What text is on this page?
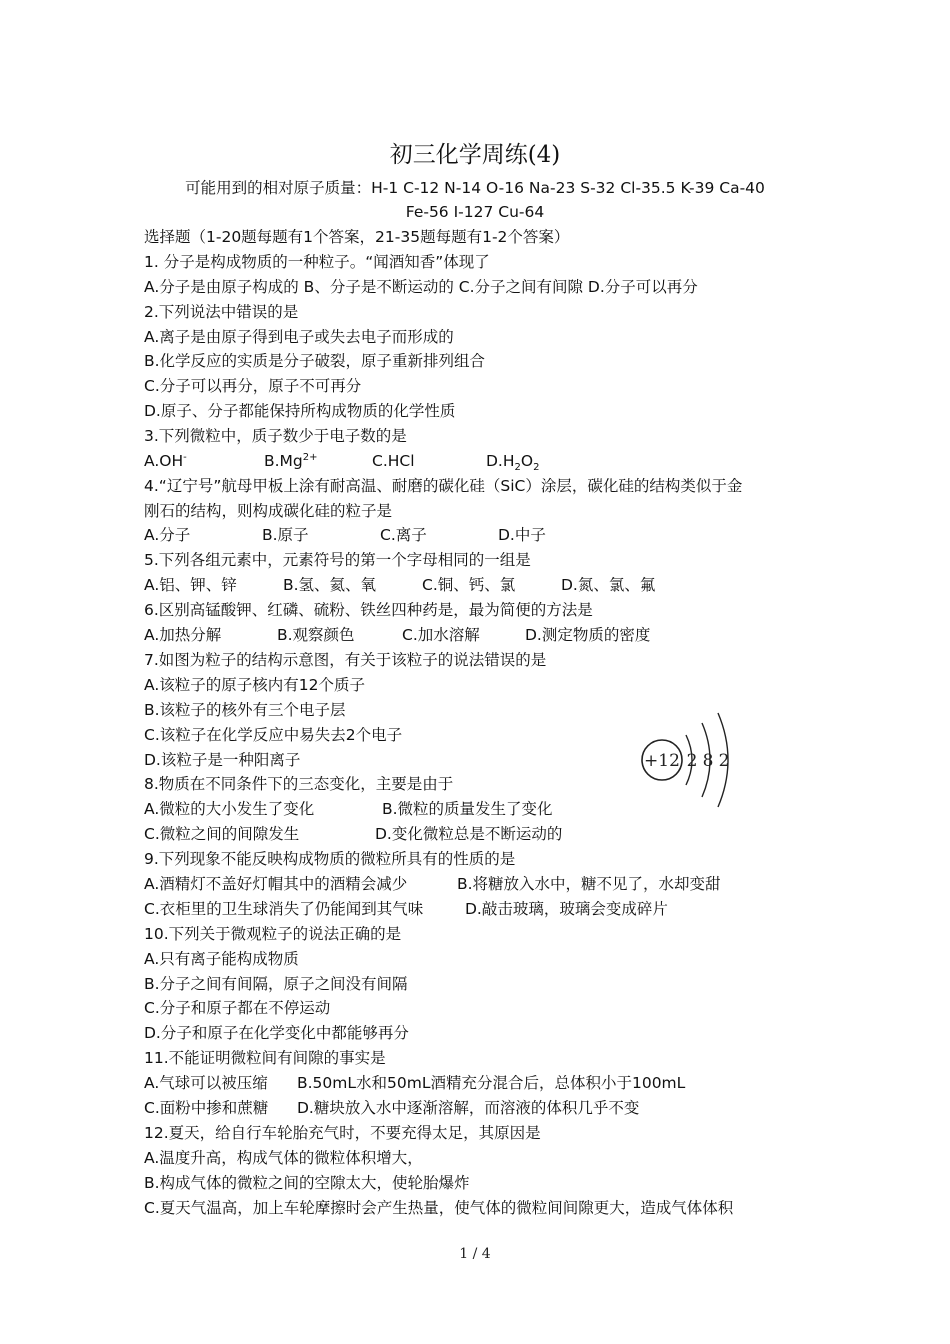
初三化学周练(4)
可能用到的相对原子质量：H-1 C-12 N-14 O-16 Na-23 S-32 Cl-35.5 K-39 Ca-40
Fe-56 I-127 Cu-64
选择题（1-20题每题有1个答案，21-35题每题有1-2个答案）
1. 分子是构成物质的一种粒子。“闻酒知香”体现了
A.分子是由原子构成的 B、分子是不断运动的 C.分子之间有间隙 D.分子可以再分
2.下列说法中错误的是
A.离子是由原子得到电子或失去电子而形成的
B.化学反应的实质是分子破裂，原子重新排列组合
C.分子可以再分，原子不可再分
D.原子、分子都能保持所构成物质的化学性质
3.下列微粒中，质子数少于电子数的是
A.OH-	$B.Mg^{2+}$	C.HCl	$D.H_2O_2$
4.“辽宁号”航母甲板上涂有耐高温、耐磨的碳化硅（SiC）涂层，碳化硅的结构类似于金
刚石的结构，则构成碳化硅的粒子是
A.分子	B.原子	C.离子	D.中子
5.下列各组元素中，元素符号的第一个字母相同的一组是
A.铝、钾、锌	B.氢、氦、氧	C.铜、钙、氯	D.氮、氯、氟
6.区别高锰酸钾、红磷、硫粉、铁丝四种药是，最为简便的方法是
A.加热分解	B.观察颜色	C.加水溶解	D.测定物质的密度
7.如图为粒子的结构示意图，有关于该粒子的说法错误的是
A.该粒子的原子核内有12个质子
B.该粒子的核外有三个电子层
C.该粒子在化学反应中易失去2个电子
D.该粒子是一种阳离子	+12 2 8 2
8.物质在不同条件下的三态变化，主要是由于
A.微粒的大小发生了变化	B.微粒的质量发生了变化
C.微粒之间的间隙发生	D.变化微粒总是不断运动的
9.下列现象不能反映构成物质的微粒所具有的性质的是
A.酒精灯不盖好灯帽其中的酒精会减少	B.将糖放入水中，糖不见了，水却变甜
C.衣柜里的卫生球消失了仍能闻到其气味	D.敲击玻璃，玻璃会变成碎片
10.下列关于微观粒子的说法正确的是
A.只有离子能构成物质
B.分子之间有间隔，原子之间没有间隔
C.分子和原子都在不停运动
D.分子和原子在化学变化中都能够再分
11.不能证明微粒间有间隙的事实是
A.气球可以被压缩 B.50mL水和50mL酒精充分混合后，总体积小于100mL
C.面粉中掺和蔗糖 D.糖块放入水中逐渐溶解，而溶液的体积几乎不变
12.夏天，给自行车轮胎充气时，不要充得太足，其原因是
A.温度升高，构成气体的微粒体积增大，
B.构成气体的微粒之间的空隙太大，使轮胎爆炸
C.夏天气温高，加上车轮摩擦时会产生热量，使气体的微粒间间隙更大，造成气体体积
1 / 4
